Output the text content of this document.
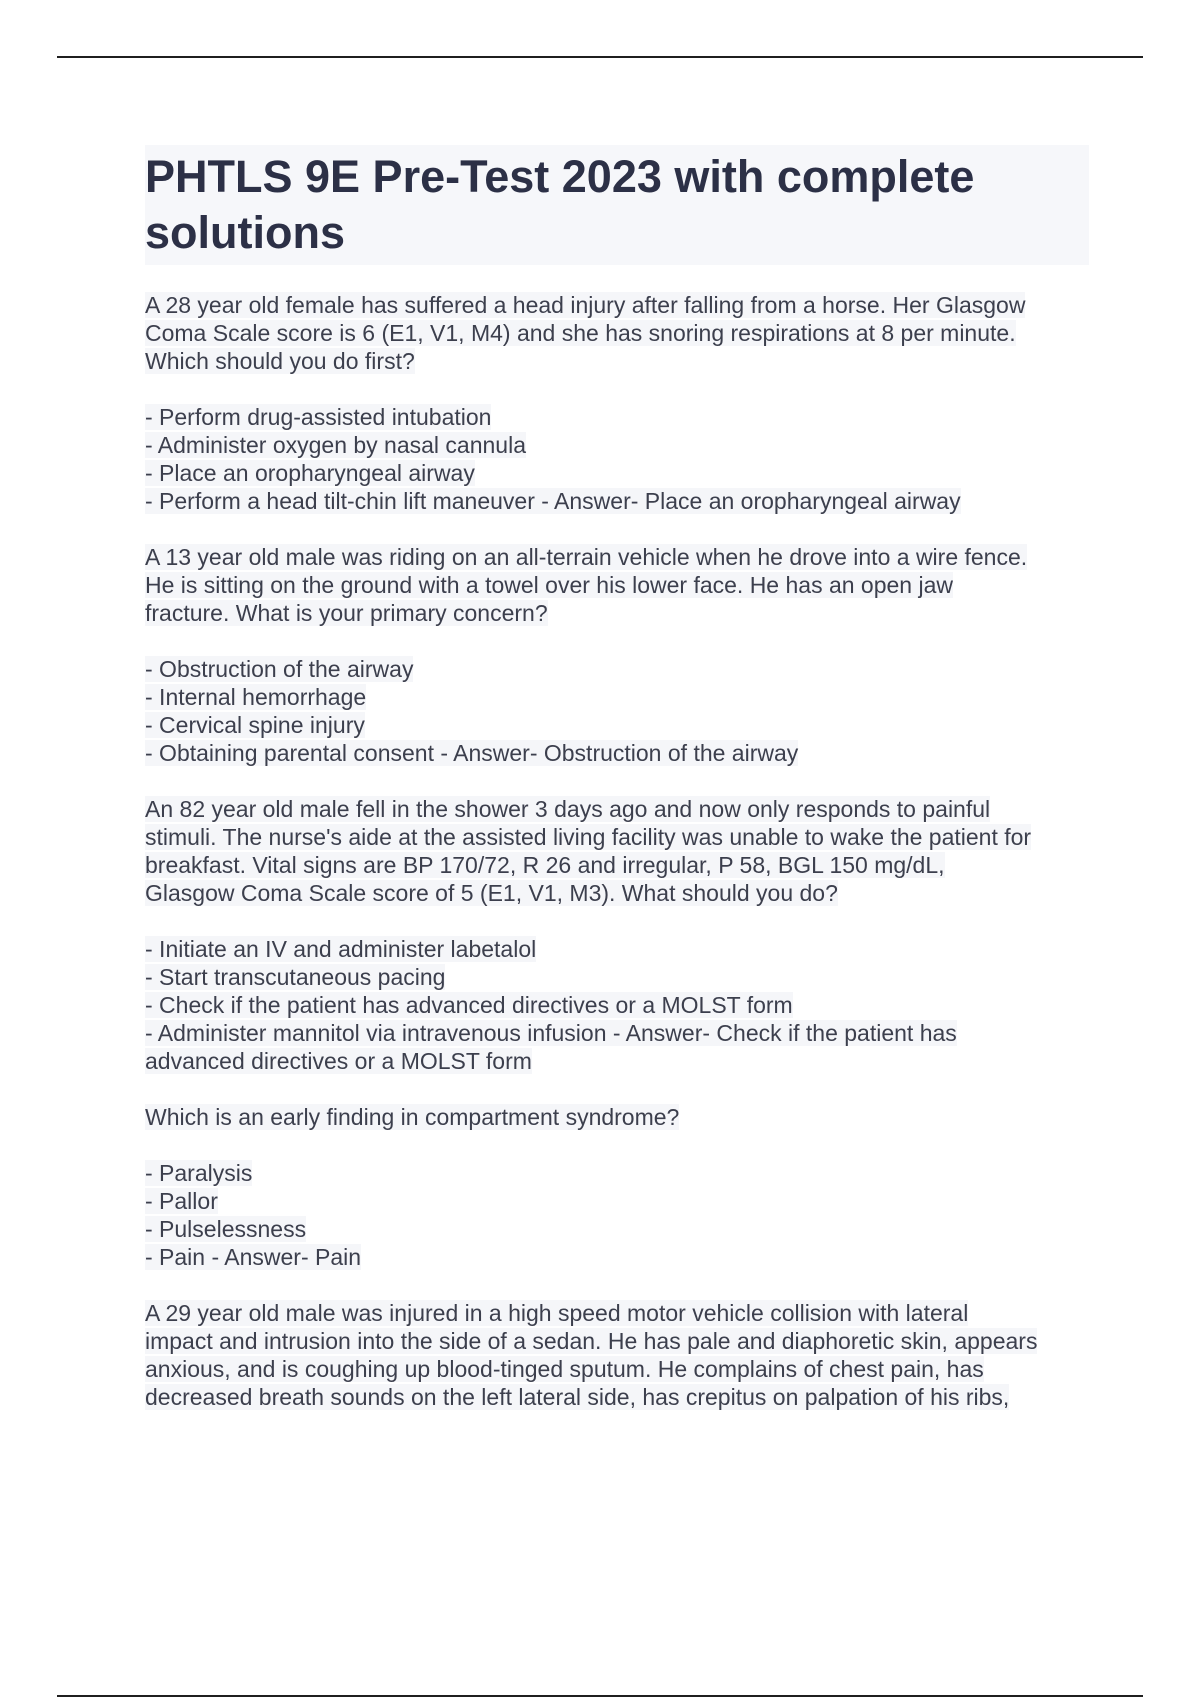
PHTLS 9E Pre-Test 2023 with complete
solutions
A 28 year old female has suffered a head injury after falling from a horse. Her Glasgow
Coma Scale score is 6 (E1, V1, M4) and she has snoring respirations at 8 per minute.
Which should you do first?
- Perform drug-assisted intubation
- Administer oxygen by nasal cannula
- Place an oropharyngeal airway
- Perform a head tilt-chin lift maneuver - Answer- Place an oropharyngeal airway
A 13 year old male was riding on an all-terrain vehicle when he drove into a wire fence.
He is sitting on the ground with a towel over his lower face. He has an open jaw
fracture. What is your primary concern?
- Obstruction of the airway
- Internal hemorrhage
- Cervical spine injury
- Obtaining parental consent - Answer- Obstruction of the airway
An 82 year old male fell in the shower 3 days ago and now only responds to painful
stimuli. The nurse's aide at the assisted living facility was unable to wake the patient for
breakfast. Vital signs are BP 170/72, R 26 and irregular, P 58, BGL 150 mg/dL,
Glasgow Coma Scale score of 5 (E1, V1, M3). What should you do?
- Initiate an IV and administer labetalol
- Start transcutaneous pacing
- Check if the patient has advanced directives or a MOLST form
- Administer mannitol via intravenous infusion - Answer- Check if the patient has
advanced directives or a MOLST form
Which is an early finding in compartment syndrome?
- Paralysis
- Pallor
- Pulselessness
- Pain - Answer- Pain
A 29 year old male was injured in a high speed motor vehicle collision with lateral
impact and intrusion into the side of a sedan. He has pale and diaphoretic skin, appears
anxious, and is coughing up blood-tinged sputum. He complains of chest pain, has
decreased breath sounds on the left lateral side, has crepitus on palpation of his ribs,
